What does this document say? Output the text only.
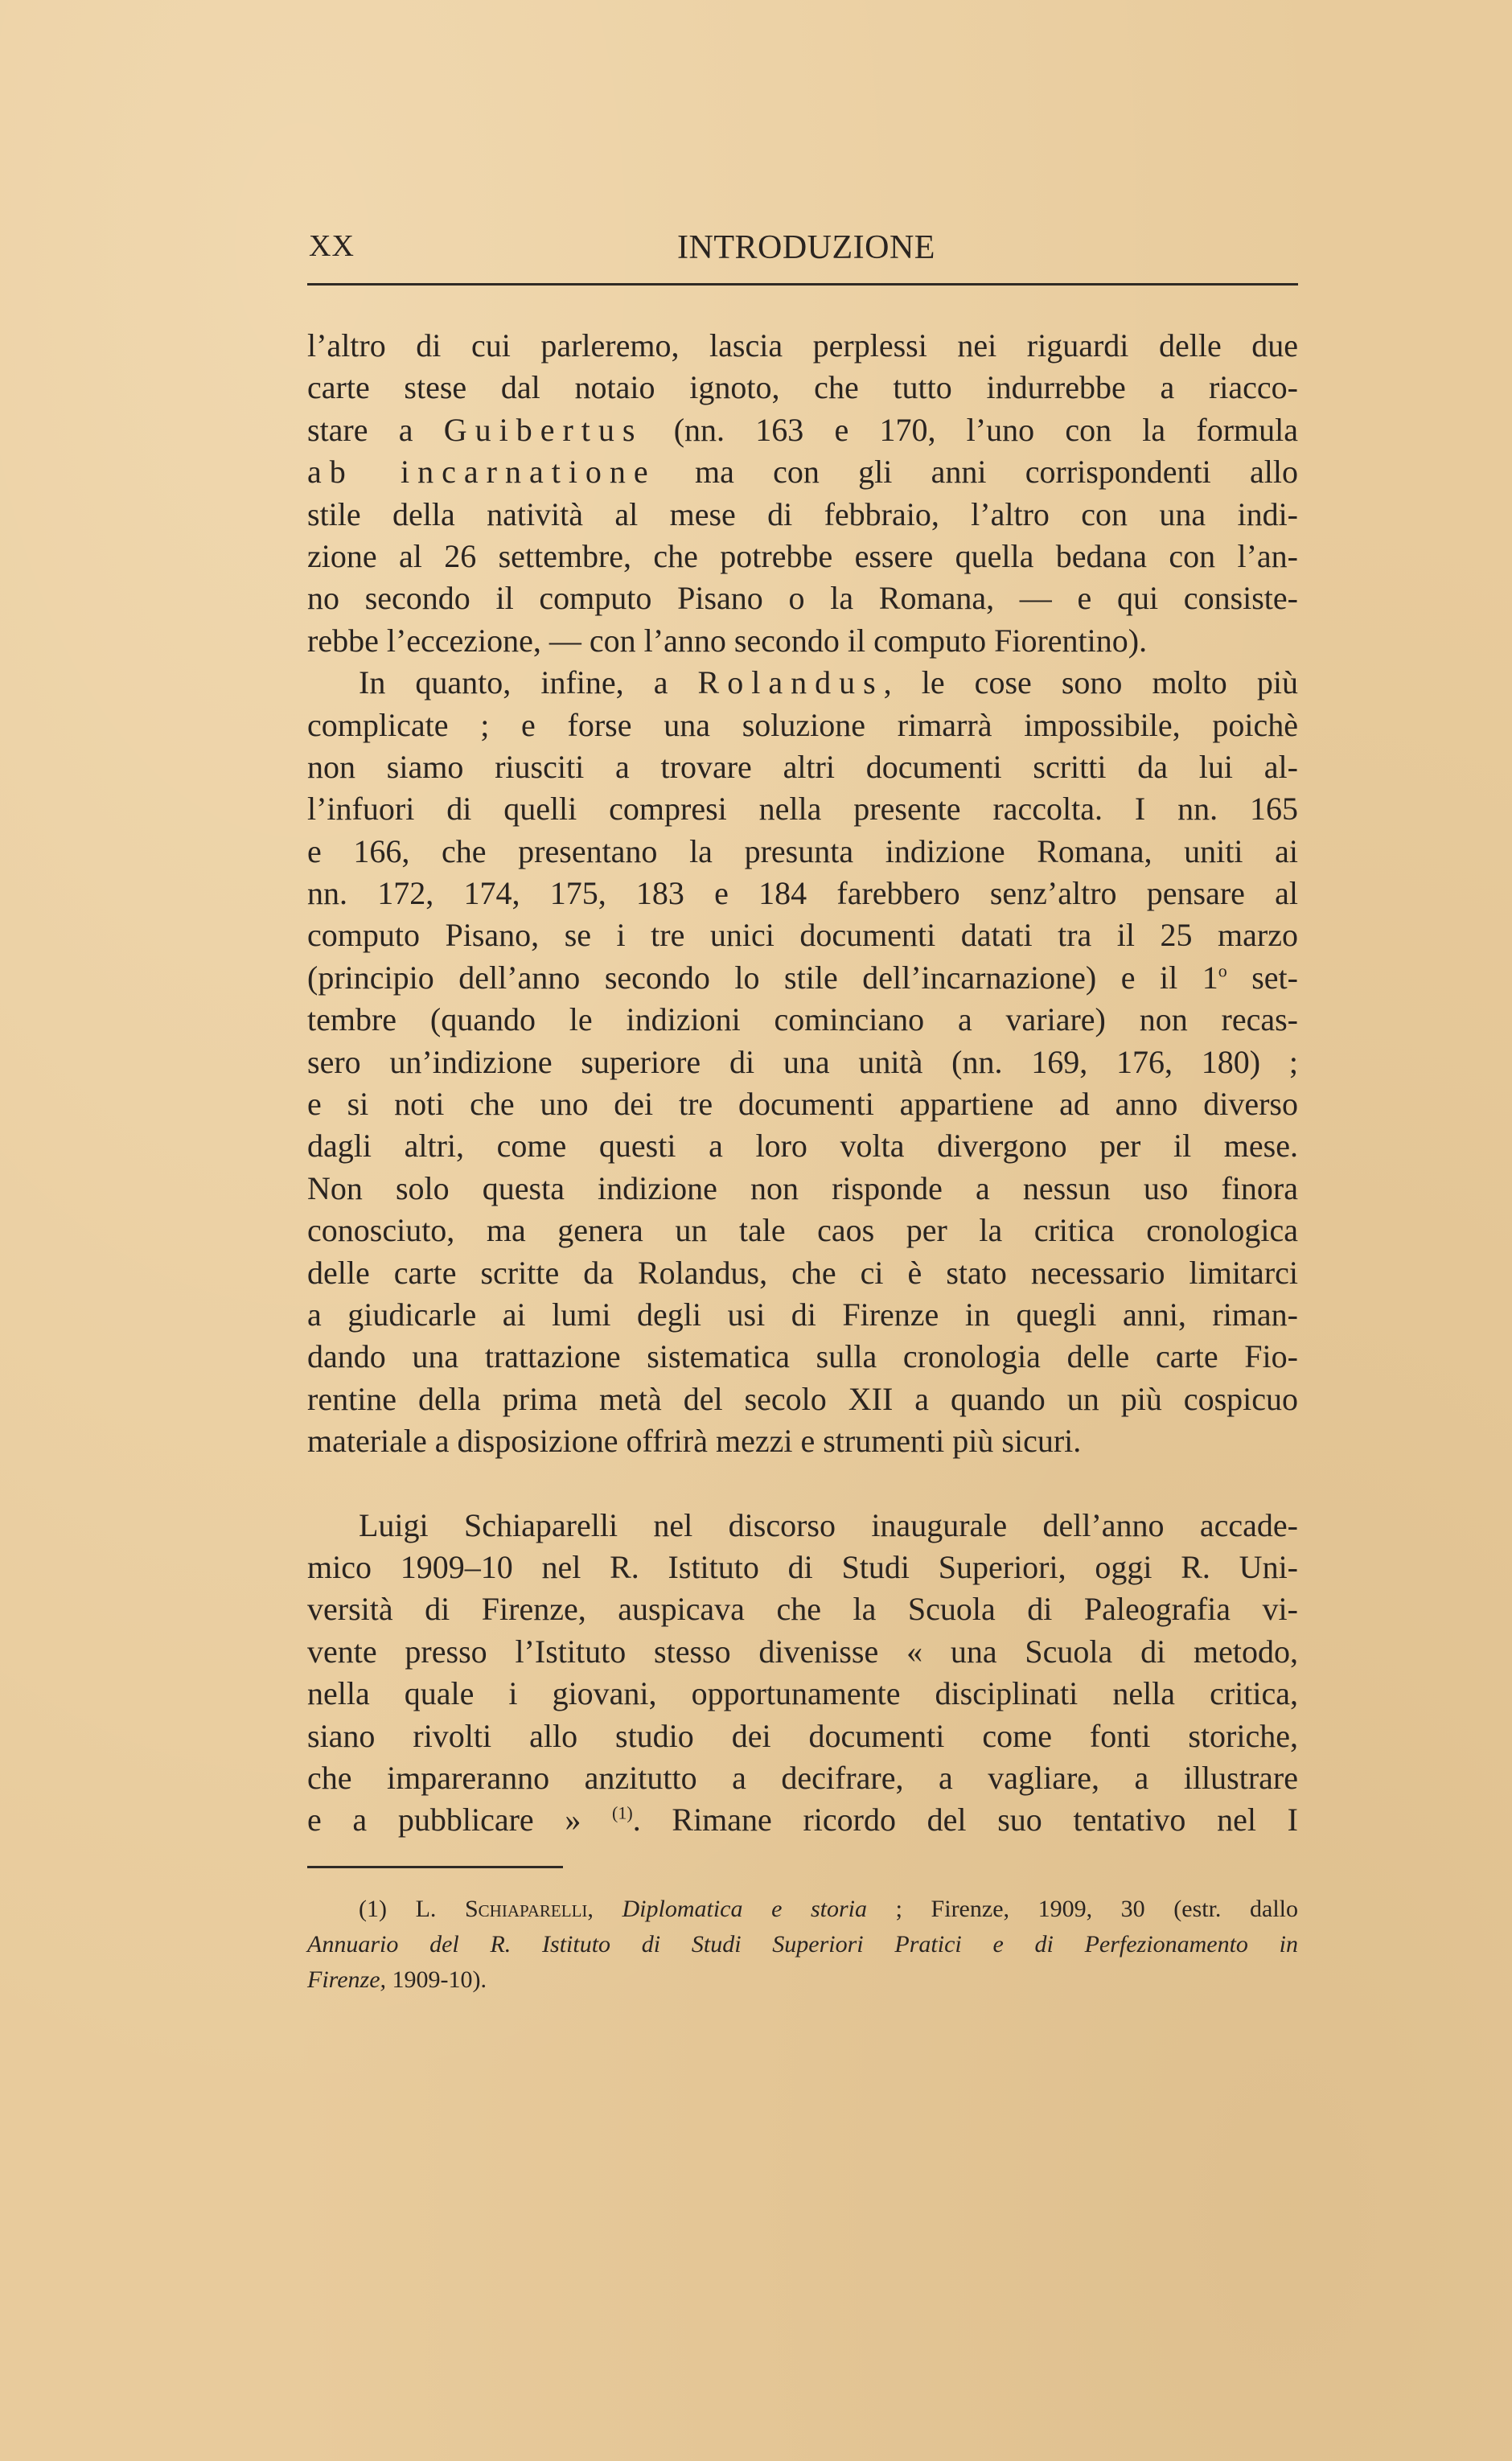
XX	INTRODUZIONE
l’altro di cui parleremo, lascia perplessi nei riguardi delle due
carte stese dal notaio ignoto, che tutto indurrebbe a riacco-
stare a Guibertus (nn. 163 e 170, l’uno con la formula
ab incarnatione ma con gli anni corrispondenti allo
stile della natività al mese di febbraio, l’altro con una indi-
zione al 26 settembre, che potrebbe essere quella bedana con l’an-
no secondo il computo Pisano o la Romana, — e qui consiste-
rebbe l’eccezione, — con l’anno secondo il computo Fiorentino).
In quanto, infine, a Rolandus, le cose sono molto più
complicate ; e forse una soluzione rimarrà impossibile, poichè
non siamo riusciti a trovare altri documenti scritti da lui al-
l’infuori di quelli compresi nella presente raccolta. I nn. 165
e 166, che presentano la presunta indizione Romana, uniti ai
nn. 172, 174, 175, 183 e 184 farebbero senz’altro pensare al
computo Pisano, se i tre unici documenti datati tra il 25 marzo
(principio dell’anno secondo lo stile dell’incarnazione) e il 1$^o$ set-
tembre (quando le indizioni cominciano a variare) non recas-
sero un’indizione superiore di una unità (nn. 169, 176, 180) ;
e si noti che uno dei tre documenti appartiene ad anno diverso
dagli altri, come questi a loro volta divergono per il mese.
Non solo questa indizione non risponde a nessun uso finora
conosciuto, ma genera un tale caos per la critica cronologica
delle carte scritte da Rolandus, che ci è stato necessario limitarci
a giudicarle ai lumi degli usi di Firenze in quegli anni, riman-
dando una trattazione sistematica sulla cronologia delle carte Fio-
rentine della prima metà del secolo XII a quando un più cospicuo
materiale a disposizione offrirà mezzi e strumenti più sicuri.
Luigi Schiaparelli nel discorso inaugurale dell’anno accade-
mico 1909–10 nel R. Istituto di Studi Superiori, oggi R. Uni-
versità di Firenze, auspicava che la Scuola di Paleografia vi-
vente presso l’Istituto stesso divenisse « una Scuola di metodo,
nella quale i giovani, opportunamente disciplinati nella critica,
siano rivolti allo studio dei documenti come fonti storiche,
che impareranno anzitutto a decifrare, a vagliare, a illustrare
e a pubblicare » $^{(1)}$. Rimane ricordo del suo tentativo nel I
(1) L. Schiaparelli, Diplomatica e storia ; Firenze, 1909, 30 (estr. dallo
Annuario del R. Istituto di Studi Superiori Pratici e di Perfezionamento in
Firenze, 1909-10).
